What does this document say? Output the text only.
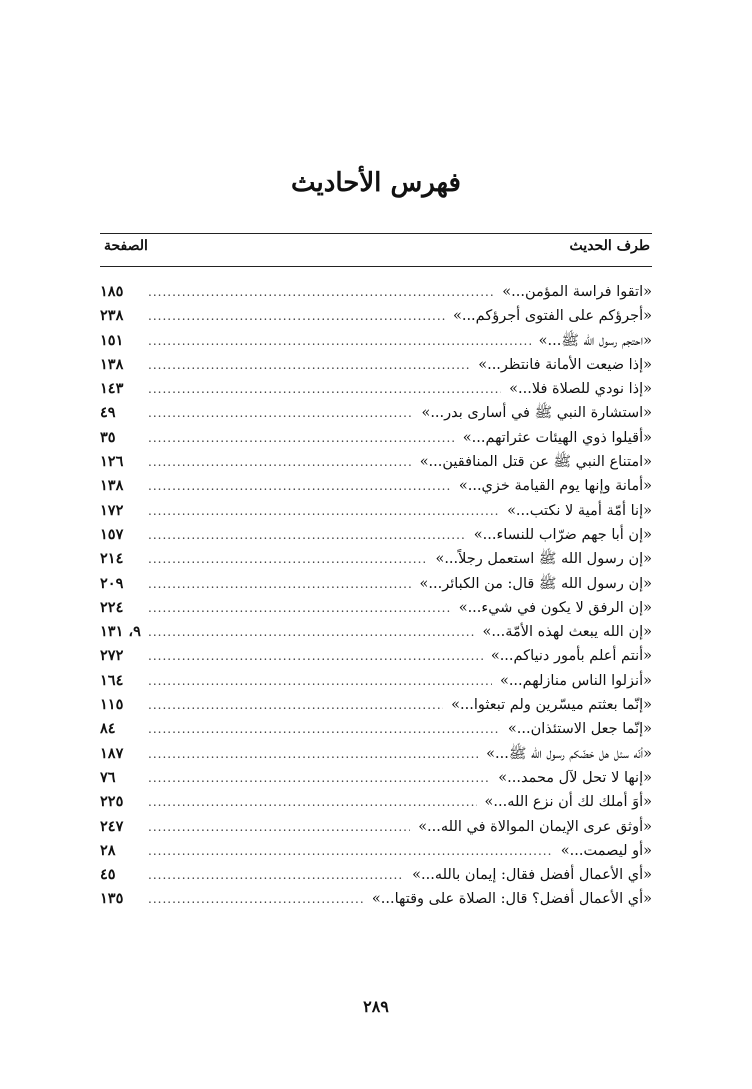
فهرس الأحاديث
طرف الحديث
الصفحة
«اتقوا فراسة المؤمن...»
.....
١٨٥
«أجرؤكم على الفتوى أجرؤكم...»
.....
٢٣٨
«احتجم رسول الله ﷺ...»
.....
١٥١
«إذا ضيعت الأمانة فانتظر...»
.....
١٣٨
«إذا نودي للصلاة فلا...»
.....
١٤٣
«استشارة النبي ﷺ في أسارى بدر...»
.....
٤٩
«أقيلوا ذوي الهيئات عثراتهم...»
.....
٣٥
«امتناع النبي ﷺ عن قتل المنافقين...»
.....
١٢٦
«أمانة وإنها يوم القيامة خزي...»
.....
١٣٨
«إنا أمّة أمية لا نكتب...»
.....
١٧٢
«إن أبا جهم ضرّاب للنساء...»
.....
١٥٧
«إن رسول الله ﷺ استعمل رجلاً...»
.....
٢١٤
«إن رسول الله ﷺ قال: من الكبائر...»
.....
٢٠٩
«إن الرفق لا يكون في شيء...»
.....
٢٢٤
«إن الله يبعث لهذه الأمّة...»
.....
٩، ١٣١
«أنتم أعلم بأمور دنياكم...»
.....
٢٧٢
«أنزلوا الناس منازلهم...»
.....
١٦٤
«إنّما بعثتم ميسّرين ولم تبعثوا...»
.....
١١٥
«إنّما جعل الاستئذان...»
.....
٨٤
«أنّه سئل هل خضّكم رسول الله ﷺ...»
.....
١٨٧
«إنها لا تحل لآل محمد...»
.....
٧٦
«أوَ أملك لك أن نزع الله...»
.....
٢٢٥
«أوثق عرى الإيمان الموالاة في الله...»
.....
٢٤٧
«أو ليصمت...»
.....
٢٨
«أي الأعمال أفضل فقال: إيمان بالله...»
.....
٤٥
«أي الأعمال أفضل؟ قال: الصلاة على وقتها...»
.....
١٣٥
٢٨٩
